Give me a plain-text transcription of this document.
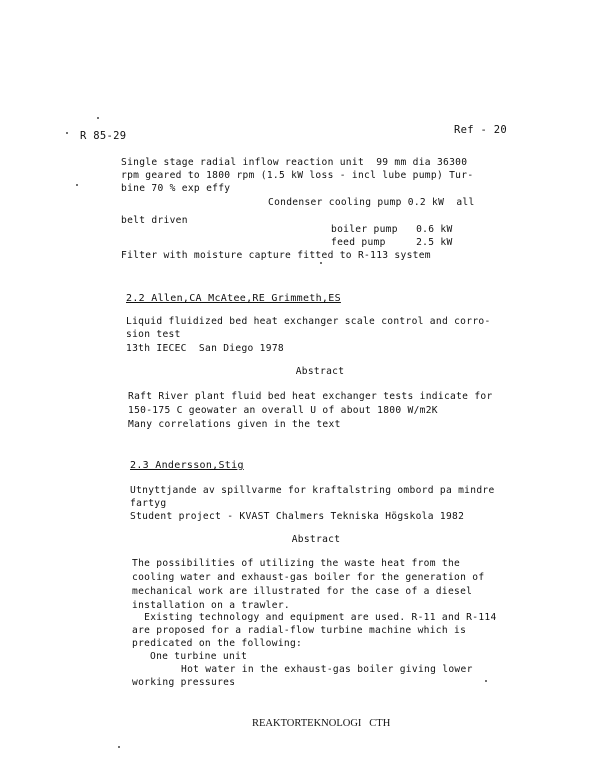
R 85-29	Ref - 20
Single stage radial inflow reaction unit  99 mm dia 36300
rpm geared to 1800 rpm (1.5 kW loss - incl lube pump) Tur-
bine 70 % exp effy
Condenser cooling pump 0.2 kW  all
belt driven
boiler pump   0.6 kW
feed pump     2.5 kW
Filter with moisture capture fitted to R-113 system
2.2 Allen,CA McAtee,RE Grimmeth,ES
Liquid fluidized bed heat exchanger scale control and corro-
sion test
13th IECEC  San Diego 1978
Abstract
Raft River plant fluid bed heat exchanger tests indicate for
150-175 C geowater an overall U of about 1800 W/m2K
Many correlations given in the text
2.3 Andersson,Stig
Utnyttjande av spillvarme for kraftalstring ombord pa mindre
fartyg
Student project - KVAST Chalmers Tekniska Högskola 1982
Abstract
The possibilities of utilizing the waste heat from the
cooling water and exhaust-gas boiler for the generation of
mechanical work are illustrated for the case of a diesel
installation on a trawler.
Existing technology and equipment are used. R-11 and R-114
are proposed for a radial-flow turbine machine which is
predicated on the following:
One turbine unit
Hot water in the exhaust-gas boiler giving lower
working pressures
REAKTORTEKNOLOGI   CTH
